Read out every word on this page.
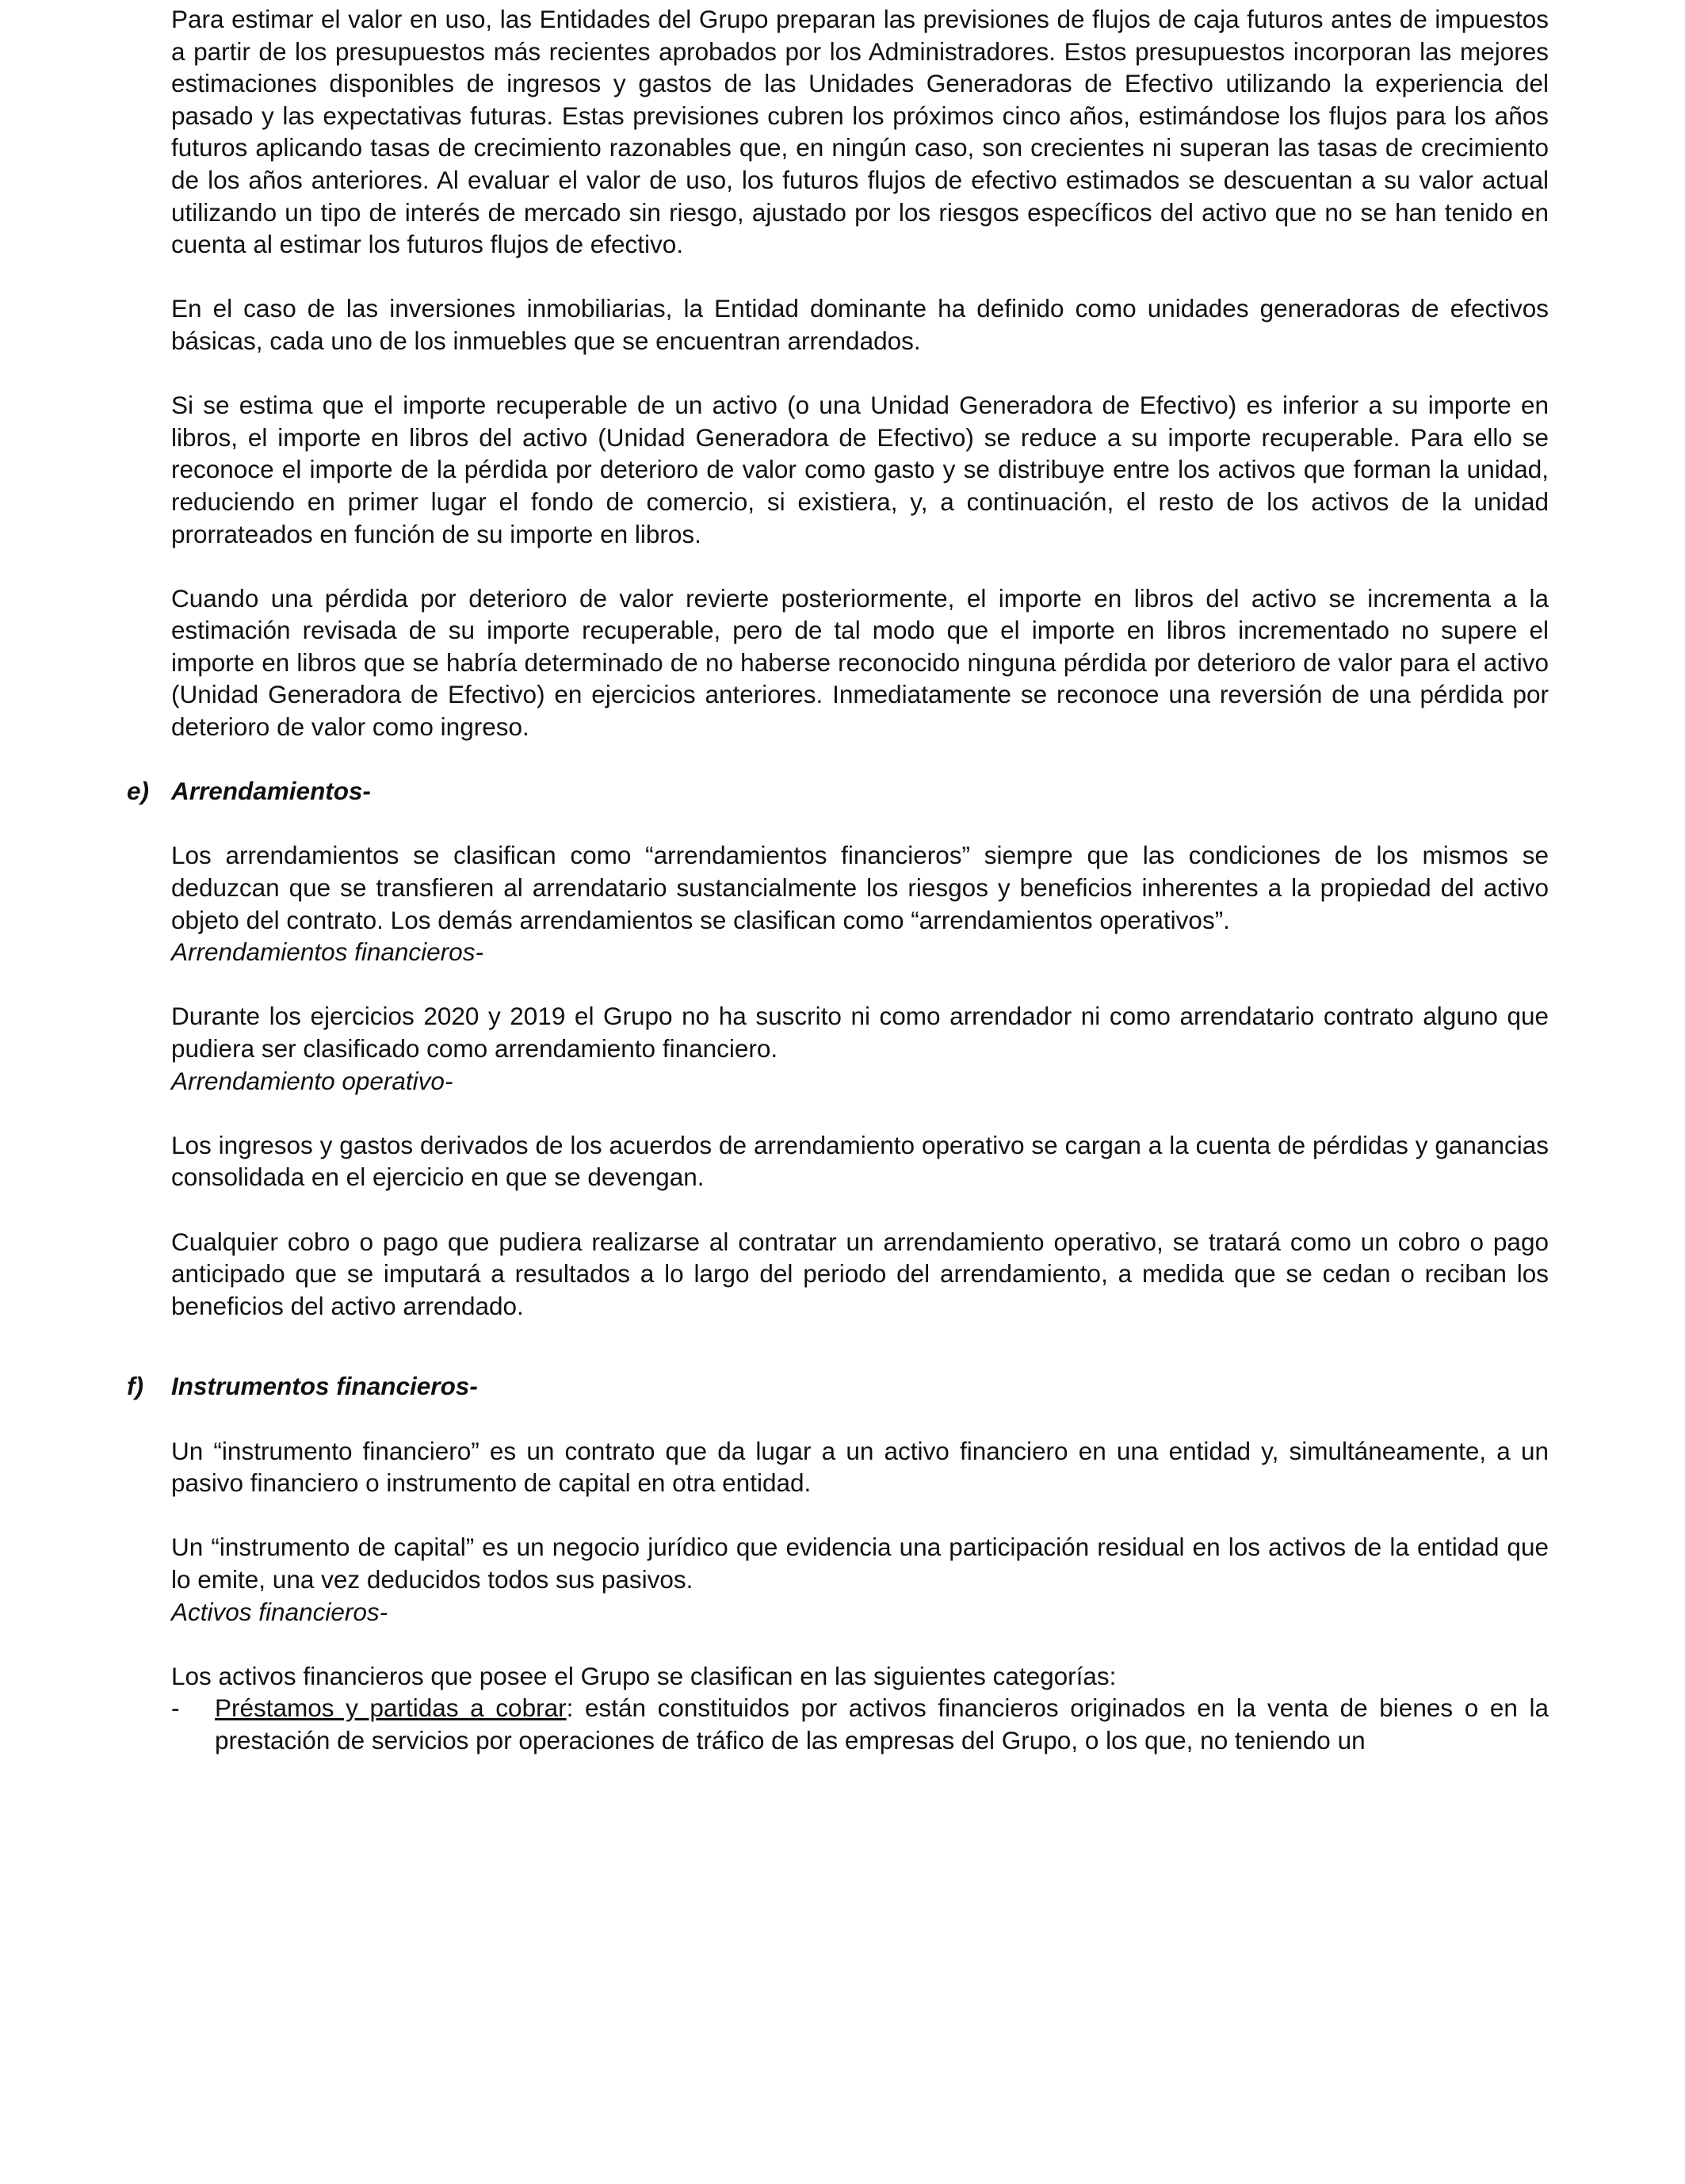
Para estimar el valor en uso, las Entidades del Grupo preparan las previsiones de flujos de caja futuros antes de impuestos a partir de los presupuestos más recientes aprobados por los Administradores. Estos presupuestos incorporan las mejores estimaciones disponibles de ingresos y gastos de las Unidades Generadoras de Efectivo utilizando la experiencia del pasado y las expectativas futuras. Estas previsiones cubren los próximos cinco años, estimándose los flujos para los años futuros aplicando tasas de crecimiento razonables que, en ningún caso, son crecientes ni superan las tasas de crecimiento de los años anteriores. Al evaluar el valor de uso, los futuros flujos de efectivo estimados se descuentan a su valor actual utilizando un tipo de interés de mercado sin riesgo, ajustado por los riesgos específicos del activo que no se han tenido en cuenta al estimar los futuros flujos de efectivo.

En el caso de las inversiones inmobiliarias, la Entidad dominante ha definido como unidades generadoras de efectivos básicas, cada uno de los inmuebles que se encuentran arrendados.

Si se estima que el importe recuperable de un activo (o una Unidad Generadora de Efectivo) es inferior a su importe en libros, el importe en libros del activo (Unidad Generadora de Efectivo) se reduce a su importe recuperable. Para ello se reconoce el importe de la pérdida por deterioro de valor como gasto y se distribuye entre los activos que forman la unidad, reduciendo en primer lugar el fondo de comercio, si existiera, y, a continuación, el resto de los activos de la unidad prorrateados en función de su importe en libros.

Cuando una pérdida por deterioro de valor revierte posteriormente, el importe en libros del activo se incrementa a la estimación revisada de su importe recuperable, pero de tal modo que el importe en libros incrementado no supere el importe en libros que se habría determinado de no haberse reconocido ninguna pérdida por deterioro de valor para el activo (Unidad Generadora de Efectivo) en ejercicios anteriores. Inmediatamente se reconoce una reversión de una pérdida por deterioro de valor como ingreso.

e) Arrendamientos-

Los arrendamientos se clasifican como “arrendamientos financieros” siempre que las condiciones de los mismos se deduzcan que se transfieren al arrendatario sustancialmente los riesgos y beneficios inherentes a la propiedad del activo objeto del contrato. Los demás arrendamientos se clasifican como “arrendamientos operativos”.

Arrendamientos financieros-

Durante los ejercicios 2020 y 2019 el Grupo no ha suscrito ni como arrendador ni como arrendatario contrato alguno que pudiera ser clasificado como arrendamiento financiero.

Arrendamiento operativo-

Los ingresos y gastos derivados de los acuerdos de arrendamiento operativo se cargan a la cuenta de pérdidas y ganancias consolidada en el ejercicio en que se devengan.

Cualquier cobro o pago que pudiera realizarse al contratar un arrendamiento operativo, se tratará como un cobro o pago anticipado que se imputará a resultados a lo largo del periodo del arrendamiento, a medida que se cedan o reciban los beneficios del activo arrendado.

f) Instrumentos financieros-

Un “instrumento financiero” es un contrato que da lugar a un activo financiero en una entidad y, simultáneamente, a un pasivo financiero o instrumento de capital en otra entidad.

Un “instrumento de capital” es un negocio jurídico que evidencia una participación residual en los activos de la entidad que lo emite, una vez deducidos todos sus pasivos.

Activos financieros-

Los activos financieros que posee el Grupo se clasifican en las siguientes categorías:

- Préstamos y partidas a cobrar: están constituidos por activos financieros originados en la venta de bienes o en la prestación de servicios por operaciones de tráfico de las empresas del Grupo, o los que, no teniendo un
